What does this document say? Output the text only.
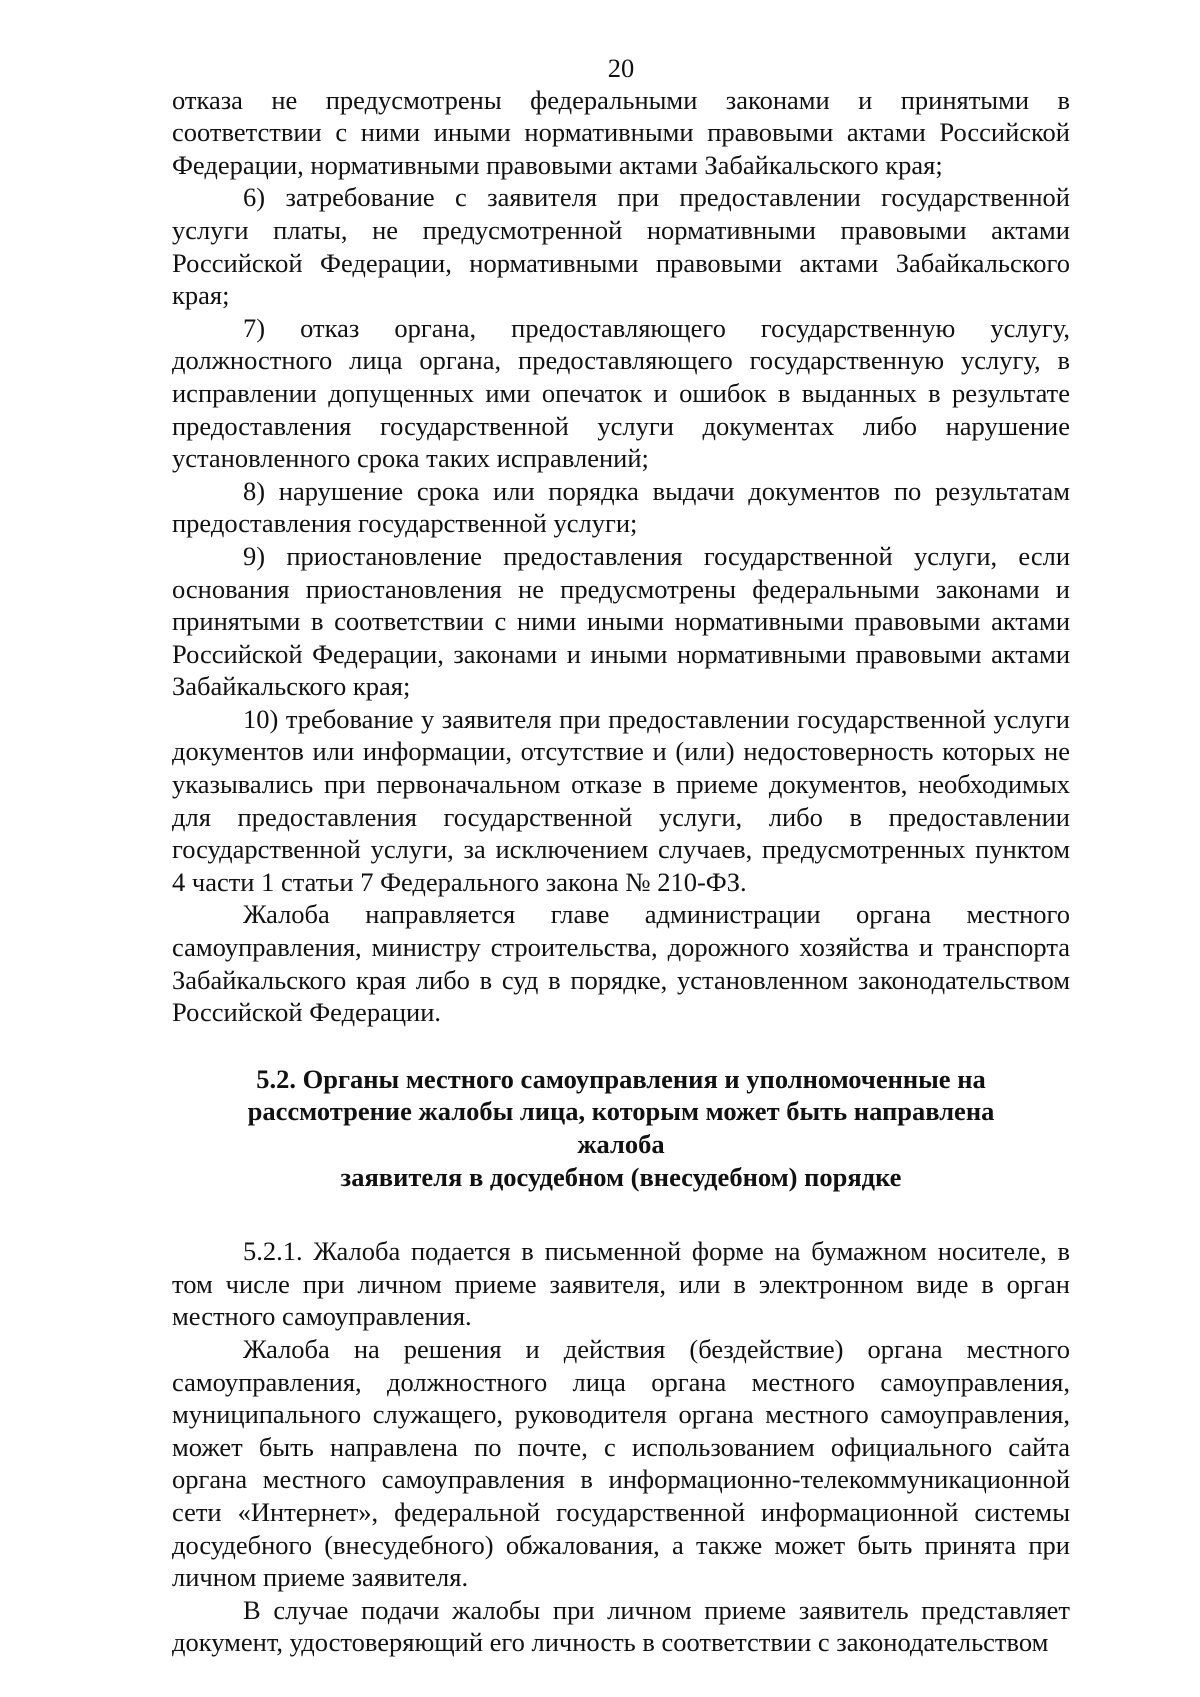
20

отказа не предусмотрены федеральными законами и принятыми в соответствии с ними иными нормативными правовыми актами Российской Федерации, нормативными правовыми актами Забайкальского края;

6) затребование с заявителя при предоставлении государственной услуги платы, не предусмотренной нормативными правовыми актами Российской Федерации, нормативными правовыми актами Забайкальского края;

7) отказ органа, предоставляющего государственную услугу, должностного лица органа, предоставляющего государственную услугу, в исправлении допущенных ими опечаток и ошибок в выданных в результате предоставления государственной услуги документах либо нарушение установленного срока таких исправлений;

8) нарушение срока или порядка выдачи документов по результатам предоставления государственной услуги;

9) приостановление предоставления государственной услуги, если основания приостановления не предусмотрены федеральными законами и принятыми в соответствии с ними иными нормативными правовыми актами Российской Федерации, законами и иными нормативными правовыми актами Забайкальского края;

10) требование у заявителя при предоставлении государственной услуги документов или информации, отсутствие и (или) недостоверность которых не указывались при первоначальном отказе в приеме документов, необходимых для предоставления государственной услуги, либо в предоставлении государственной услуги, за исключением случаев, предусмотренных пунктом 4 части 1 статьи 7 Федерального закона № 210-ФЗ.

Жалоба направляется главе администрации органа местного самоуправления, министру строительства, дорожного хозяйства и транспорта Забайкальского края либо в суд в порядке, установленном законодательством Российской Федерации.

5.2. Органы местного самоуправления и уполномоченные на
рассмотрение жалобы лица, которым может быть направлена жалоба
заявителя в досудебном (внесудебном) порядке

5.2.1. Жалоба подается в письменной форме на бумажном носителе, в том числе при личном приеме заявителя, или в электронном виде в орган местного самоуправления.

Жалоба на решения и действия (бездействие) органа местного самоуправления, должностного лица органа местного самоуправления, муниципального служащего, руководителя органа местного самоуправления, может быть направлена по почте, с использованием официального сайта органа местного самоуправления в информационно-телекоммуникационной сети «Интернет», федеральной государственной информационной системы досудебного (внесудебного) обжалования, а также может быть принята при личном приеме заявителя.

В случае подачи жалобы при личном приеме заявитель представляет документ, удостоверяющий его личность в соответствии с законодательством
